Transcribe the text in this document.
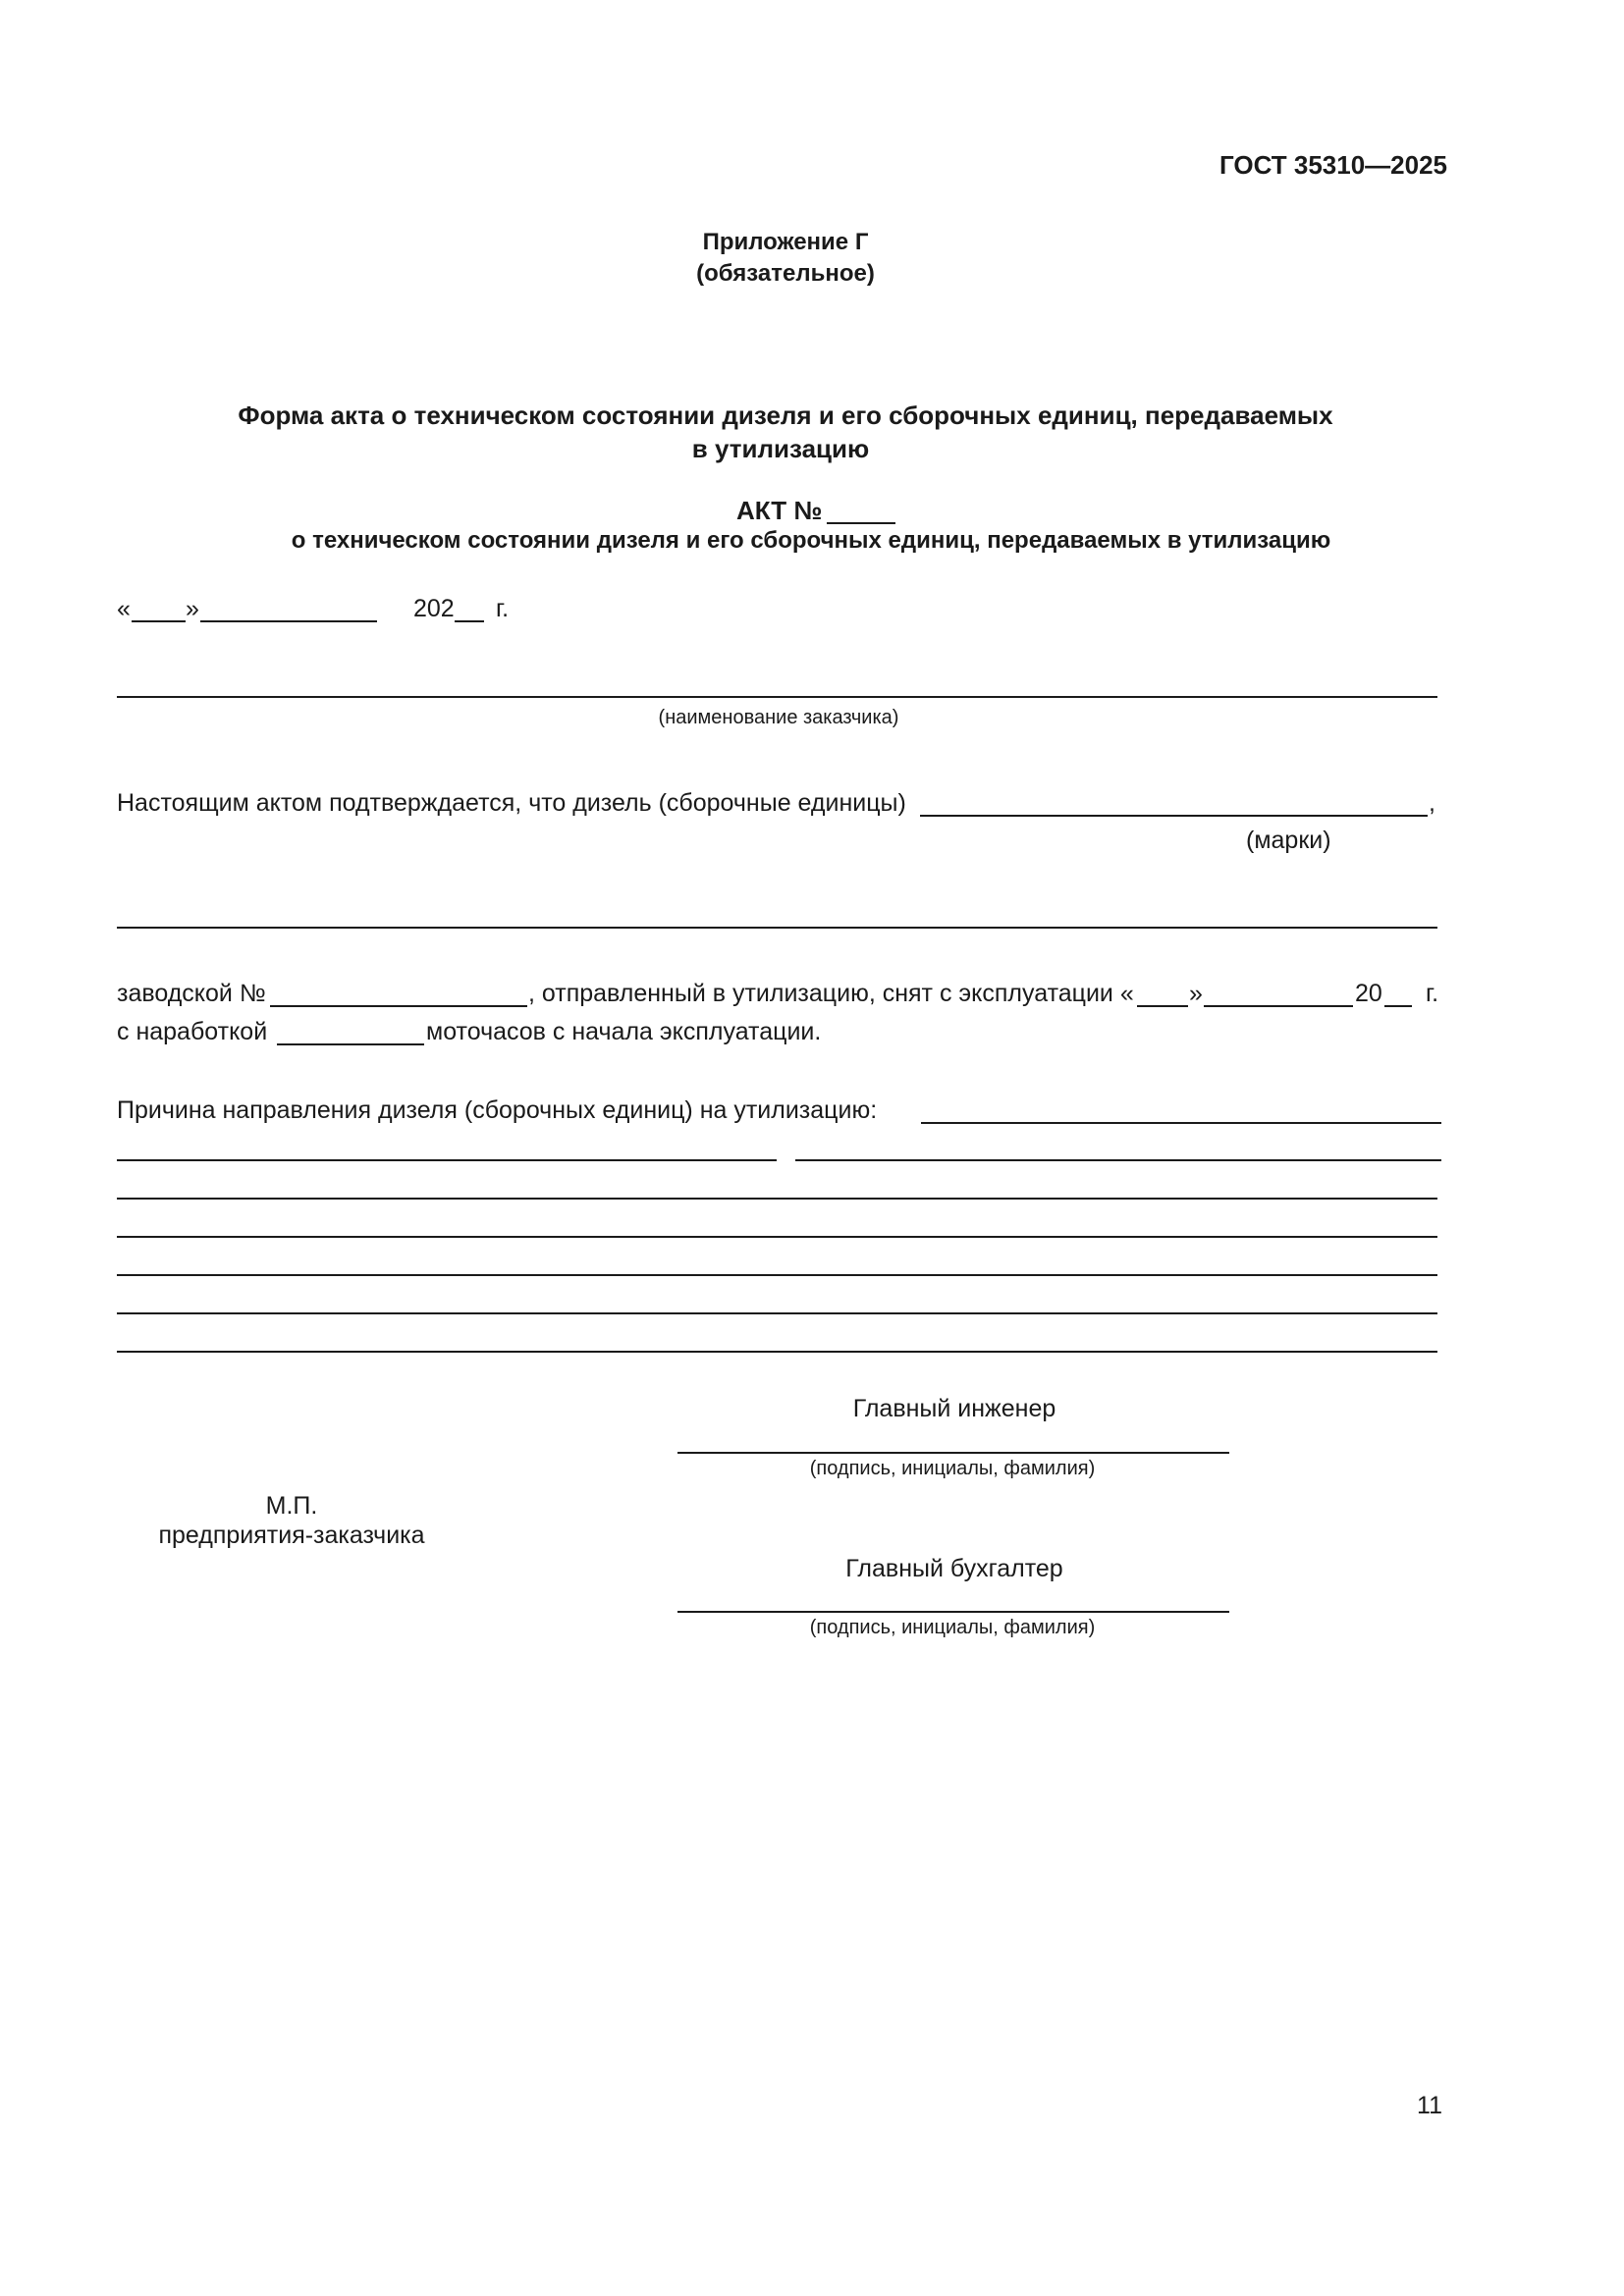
ГОСТ 35310—2025
Приложение Г
(обязательное)
Форма акта о техническом состоянии дизеля и его сборочных единиц, передаваемых
в утилизацию
АКТ №
о техническом состоянии дизеля и его сборочных единиц, передаваемых в утилизацию
« »	202 г.
(наименование заказчика)
Настоящим актом подтверждается, что дизель (сборочные единицы)	,
(марки)
заводской №	, отправленный в утилизацию, снят с эксплуатации « »	20 г.
с наработкой	моточасов с начала эксплуатации.
Причина направления дизеля (сборочных единиц) на утилизацию:
Главный инженер
(подпись, инициалы, фамилия)
М.П.
предприятия-заказчика
Главный бухгалтер
(подпись, инициалы, фамилия)
11
